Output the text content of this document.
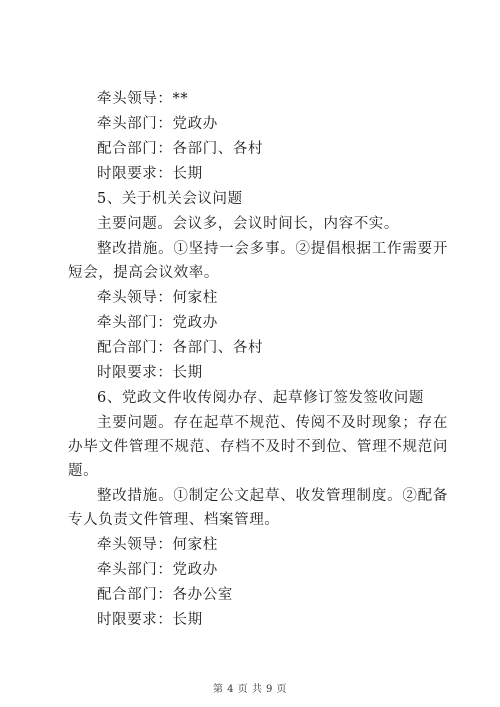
牵头领导：**

牵头部门：党政办

配合部门：各部门、各村

时限要求：长期

5、关于机关会议问题

主要问题。会议多，会议时间长，内容不实。

整改措施。①坚持一会多事。②提倡根据工作需要开短会，提高会议效率。

牵头领导：何家柱

牵头部门：党政办

配合部门：各部门、各村

时限要求：长期

6、党政文件收传阅办存、起草修订签发签收问题

主要问题。存在起草不规范、传阅不及时现象；存在办毕文件管理不规范、存档不及时不到位、管理不规范问题。

整改措施。①制定公文起草、收发管理制度。②配备专人负责文件管理、档案管理。

牵头领导：何家柱

牵头部门：党政办

配合部门：各办公室

时限要求：长期

第 4 页 共 9 页
